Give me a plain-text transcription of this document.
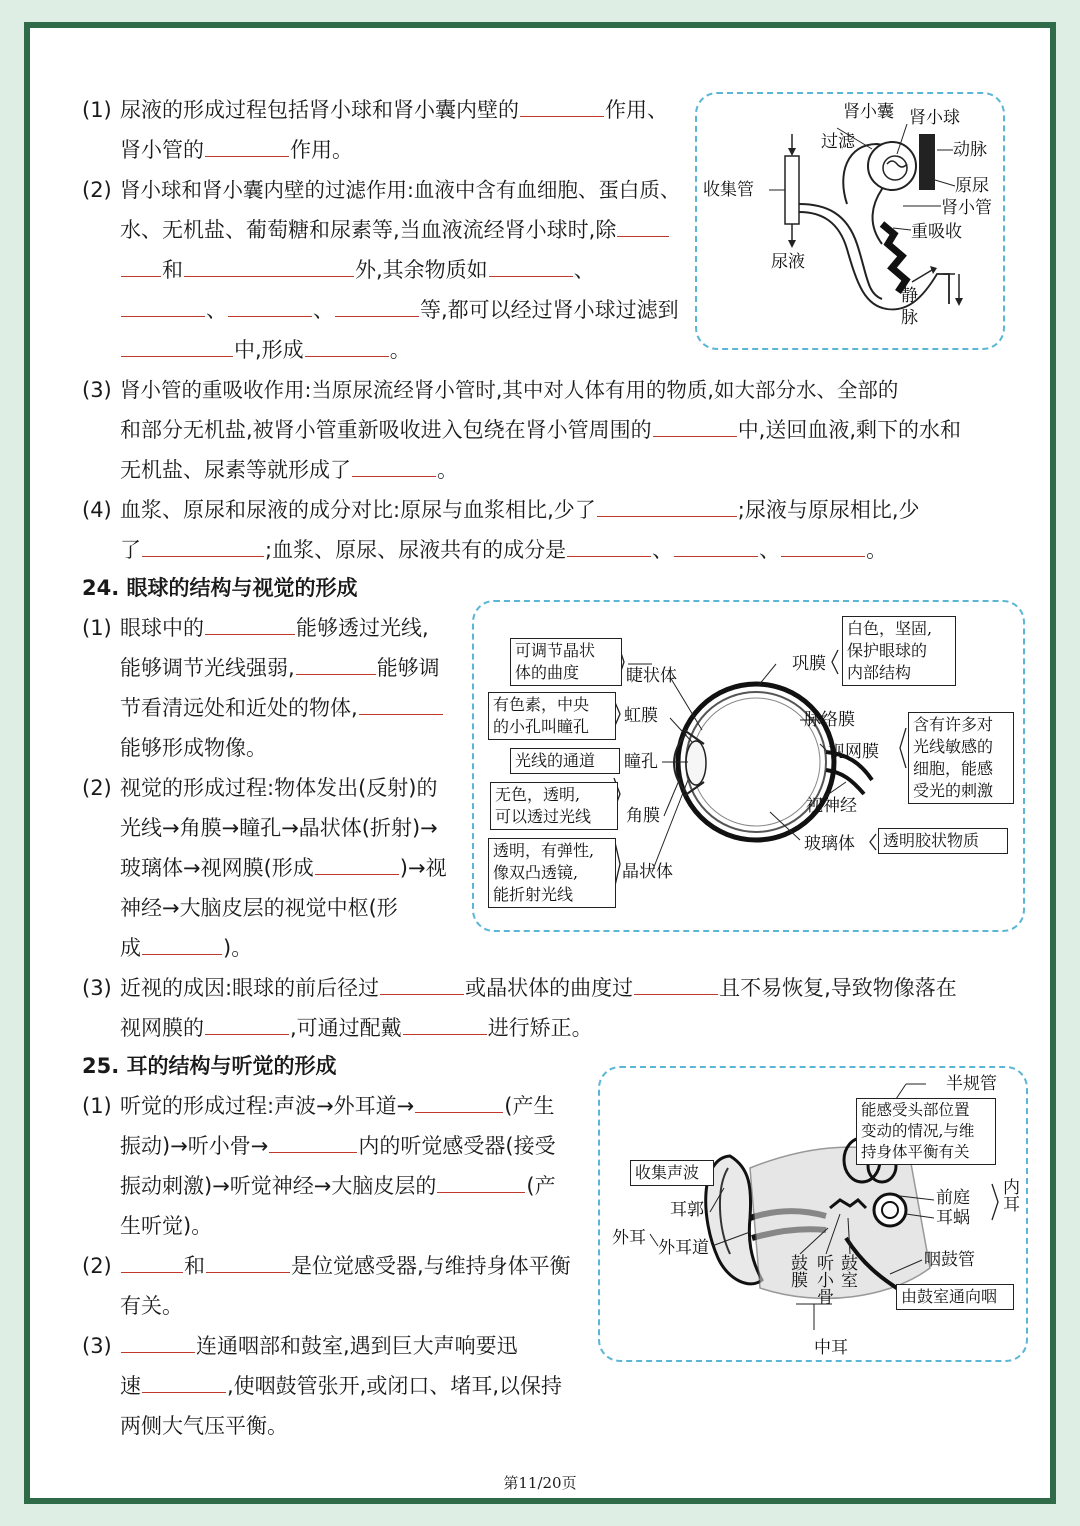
(1) 尿液的形成过程包括肾小球和肾小囊内壁的	作用、
肾小管的	作用。
(2) 肾小球和肾小囊内壁的过滤作用:血液中含有血细胞、蛋白质、
水、无机盐、葡萄糖和尿素等,当血液流经肾小球时,除
和	外,其余物质如	、
、	、	等,都可以经过肾小球过滤到
中,形成	。
(3) 肾小管的重吸收作用:当原尿流经肾小管时,其中对人体有用的物质,如大部分水、全部的
和部分无机盐,被肾小管重新吸收进入包绕在肾小管周围的	中,送回血液,剩下的水和
无机盐、尿素等就形成了	。
(4) 血浆、原尿和尿液的成分对比:原尿与血浆相比,少了	;尿液与原尿相比,少
了	;血浆、原尿、尿液共有的成分是	、	、	。
肾小囊 肾小球
过滤	动脉
收集管	原尿
肾小管
重吸收
尿液
静
脉
24. 眼球的结构与视觉的形成
(1) 眼球中的	能够透过光线,
能够调节光线强弱,	能够调
节看清远处和近处的物体,
能够形成物像。
(2) 视觉的形成过程:物体发出(反射)的
光线→角膜→瞳孔→晶状体(折射)→
玻璃体→视网膜(形成	)→视
神经→大脑皮层的视觉中枢(形
成	)。
(3) 近视的成因:眼球的前后径过	或晶状体的曲度过	且不易恢复,导致物像落在
视网膜的	,可通过配戴	进行矫正。
可调节晶状
体的曲度	睫状体
有色素，中央
的小孔叫瞳孔
虹膜
光线的通道	瞳孔
无色，透明,
可以透过光线	角膜
透明，有弹性,
像双凸透镜,
能折射光线
晶状体
巩膜
白色，坚固,
保护眼球的
内部结构
脉络膜
视网膜
含有许多对
光线敏感的
细胞，能感
受光的刺激
视神经
玻璃体	透明胶状物质
25. 耳的结构与听觉的形成
(1) 听觉的形成过程:声波→外耳道→	(产生
振动)→听小骨→	内的听觉感受器(接受
振动刺激)→听觉神经→大脑皮层的	(产
生听觉)。
(2)	和	是位觉感受器,与维持身体平衡
有关。
(3)	连通咽部和鼓室,遇到巨大声响要迅
速	,使咽鼓管张开,或闭口、堵耳,以保持
两侧大气压平衡。
半规管
能感受头部位置
变动的情况,与维
持身体平衡有关
收集声波
耳郭
外耳 外耳道
鼓膜 听小骨 鼓室
前庭
耳蜗
内耳
咽鼓管
由鼓室通向咽
中耳
第11/20页
